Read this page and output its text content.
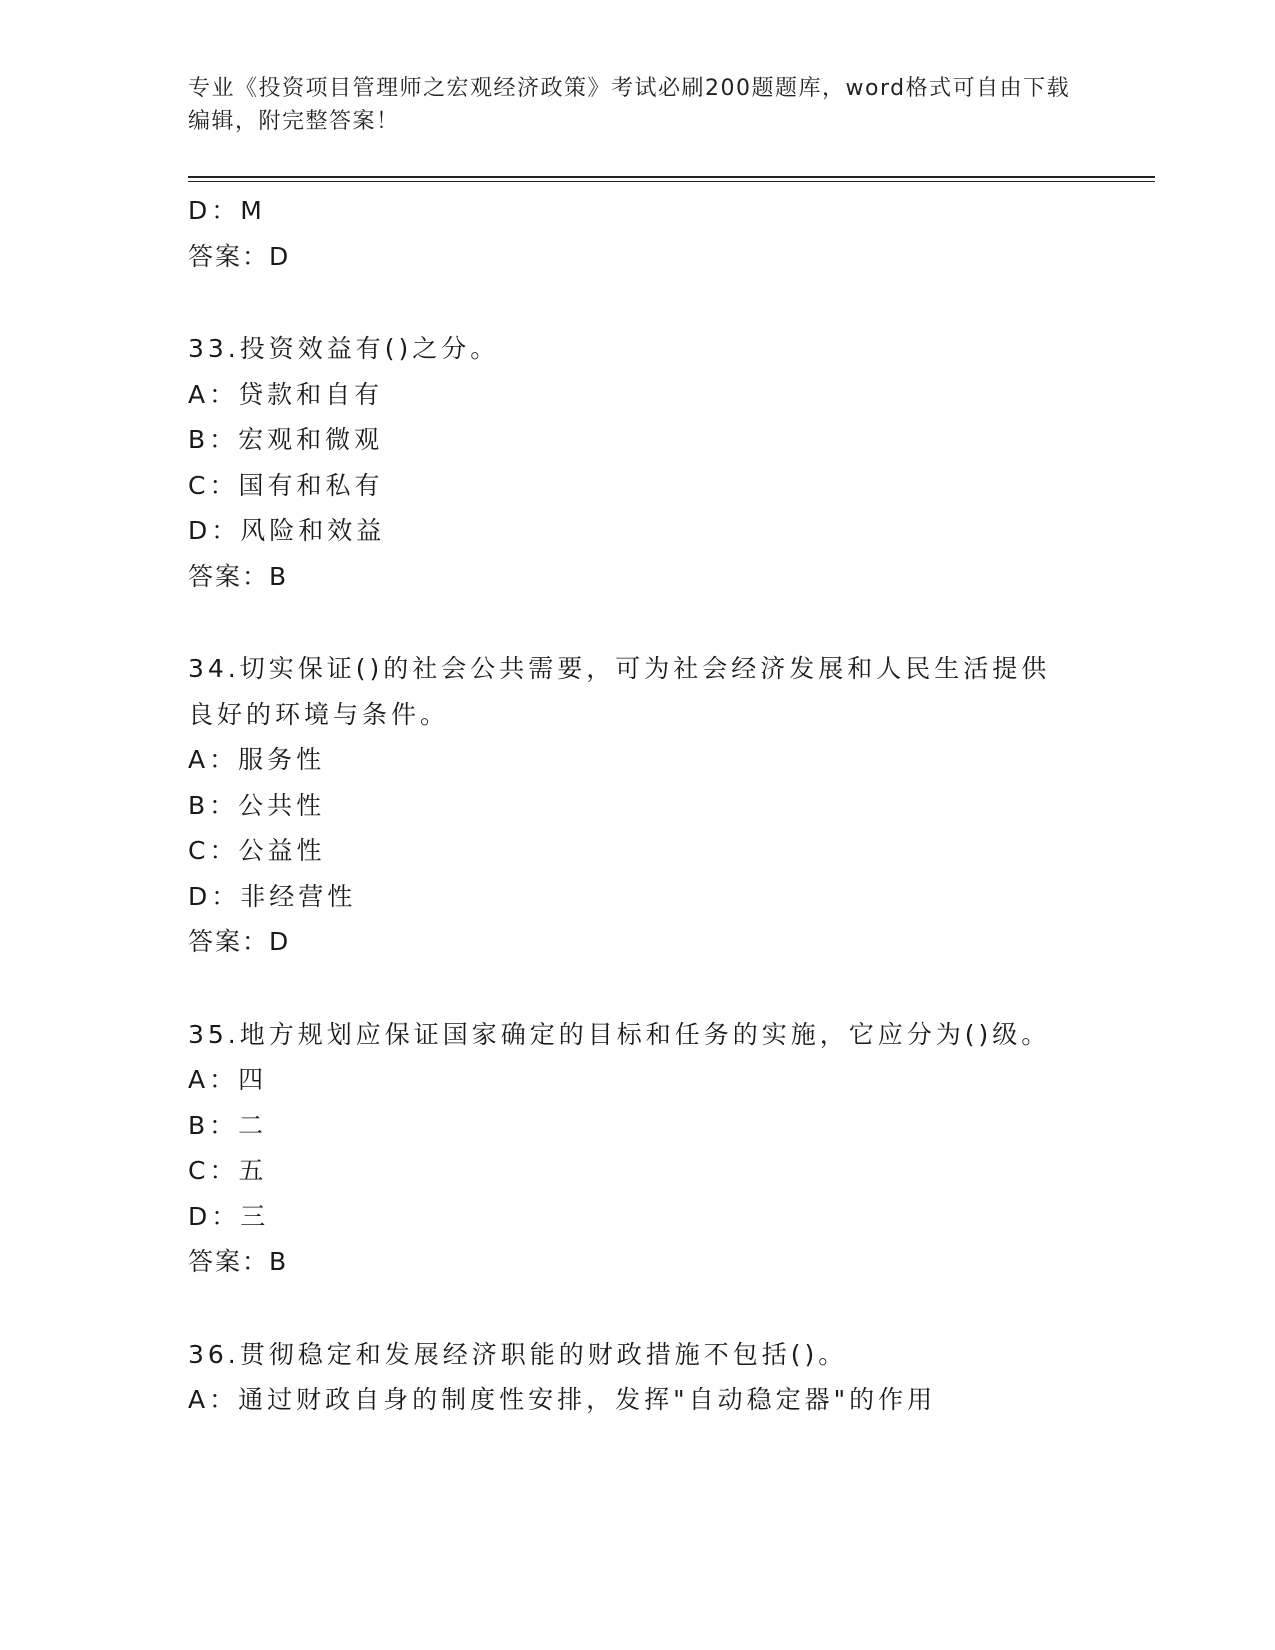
专业《投资项目管理师之宏观经济政策》考试必刷200题题库，word格式可自由下载编辑，附完整答案！
D：M
答案：D
33.投资效益有()之分。
A：贷款和自有
B：宏观和微观
C：国有和私有
D：风险和效益
答案：B
34.切实保证()的社会公共需要，可为社会经济发展和人民生活提供良好的环境与条件。
A：服务性
B：公共性
C：公益性
D：非经营性
答案：D
35.地方规划应保证国家确定的目标和任务的实施，它应分为()级。
A：四
B：二
C：五
D：三
答案：B
36.贯彻稳定和发展经济职能的财政措施不包括()。
A：通过财政自身的制度性安排，发挥"自动稳定器"的作用
